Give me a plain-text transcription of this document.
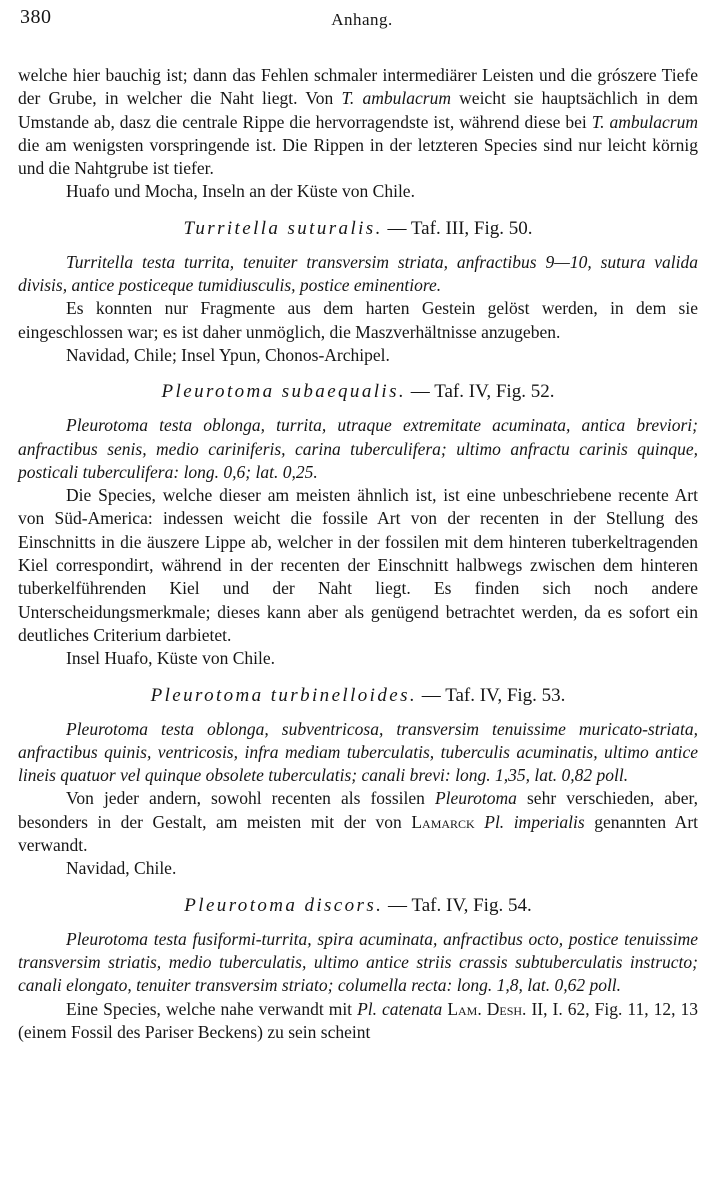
380	Anhang.

welche hier bauchig ist; dann das Fehlen schmaler intermediärer Leisten und die grószere Tiefe der Grube, in welcher die Naht liegt. Von T. ambulacrum weicht sie hauptsächlich in dem Umstande ab, dasz die centrale Rippe die hervorragendste ist, während diese bei T. ambulacrum die am wenigsten vorspringende ist. Die Rippen in der letzteren Species sind nur leicht körnig und die Nahtgrube ist tiefer.

Huafo und Mocha, Inseln an der Küste von Chile.

Turritella suturalis. — Taf. III, Fig. 50.

Turritella testa turrita, tenuiter transversim striata, anfractibus 9—10, sutura valida divisis, antice posticeque tumidiusculis, postice eminentiore.

Es konnten nur Fragmente aus dem harten Gestein gelöst werden, in dem sie eingeschlossen war; es ist daher unmöglich, die Maszverhältnisse anzugeben.

Navidad, Chile; Insel Ypun, Chonos-Archipel.

Pleurotoma subaequalis. — Taf. IV, Fig. 52.

Pleurotoma testa oblonga, turrita, utraque extremitate acuminata, antica breviori; anfractibus senis, medio cariniferis, carina tuberculifera; ultimo anfractu carinis quinque, posticali tuberculifera: long. 0,6; lat. 0,25.

Die Species, welche dieser am meisten ähnlich ist, ist eine unbeschriebene recente Art von Süd-America: indessen weicht die fossile Art von der recenten in der Stellung des Einschnitts in die äuszere Lippe ab, welcher in der fossilen mit dem hinteren tuberkeltragenden Kiel correspondirt, während in der recenten der Einschnitt halbwegs zwischen dem hinteren tuberkelführenden Kiel und der Naht liegt. Es finden sich noch andere Unterscheidungsmerkmale; dieses kann aber als genügend betrachtet werden, da es sofort ein deutliches Criterium darbietet.

Insel Huafo, Küste von Chile.

Pleurotoma turbinelloides. — Taf. IV, Fig. 53.

Pleurotoma testa oblonga, subventricosa, transversim tenuissime muricato-striata, anfractibus quinis, ventricosis, infra mediam tuberculatis, tuberculis acuminatis, ultimo antice lineis quatuor vel quinque obsolete tuberculatis; canali brevi: long. 1,35, lat. 0,82 poll.

Von jeder andern, sowohl recenten als fossilen Pleurotoma sehr verschieden, aber, besonders in der Gestalt, am meisten mit der von Lamarck Pl. imperialis genannten Art verwandt.

Navidad, Chile.

Pleurotoma discors. — Taf. IV, Fig. 54.

Pleurotoma testa fusiformi-turrita, spira acuminata, anfractibus octo, postice tenuissime transversim striatis, medio tuberculatis, ultimo antice striis crassis subtuberculatis instructo; canali elongato, tenuiter transversim striato; columella recta: long. 1,8, lat. 0,62 poll.

Eine Species, welche nahe verwandt mit Pl. catenata Lam. Desh. II, I. 62, Fig. 11, 12, 13 (einem Fossil des Pariser Beckens) zu sein scheint
